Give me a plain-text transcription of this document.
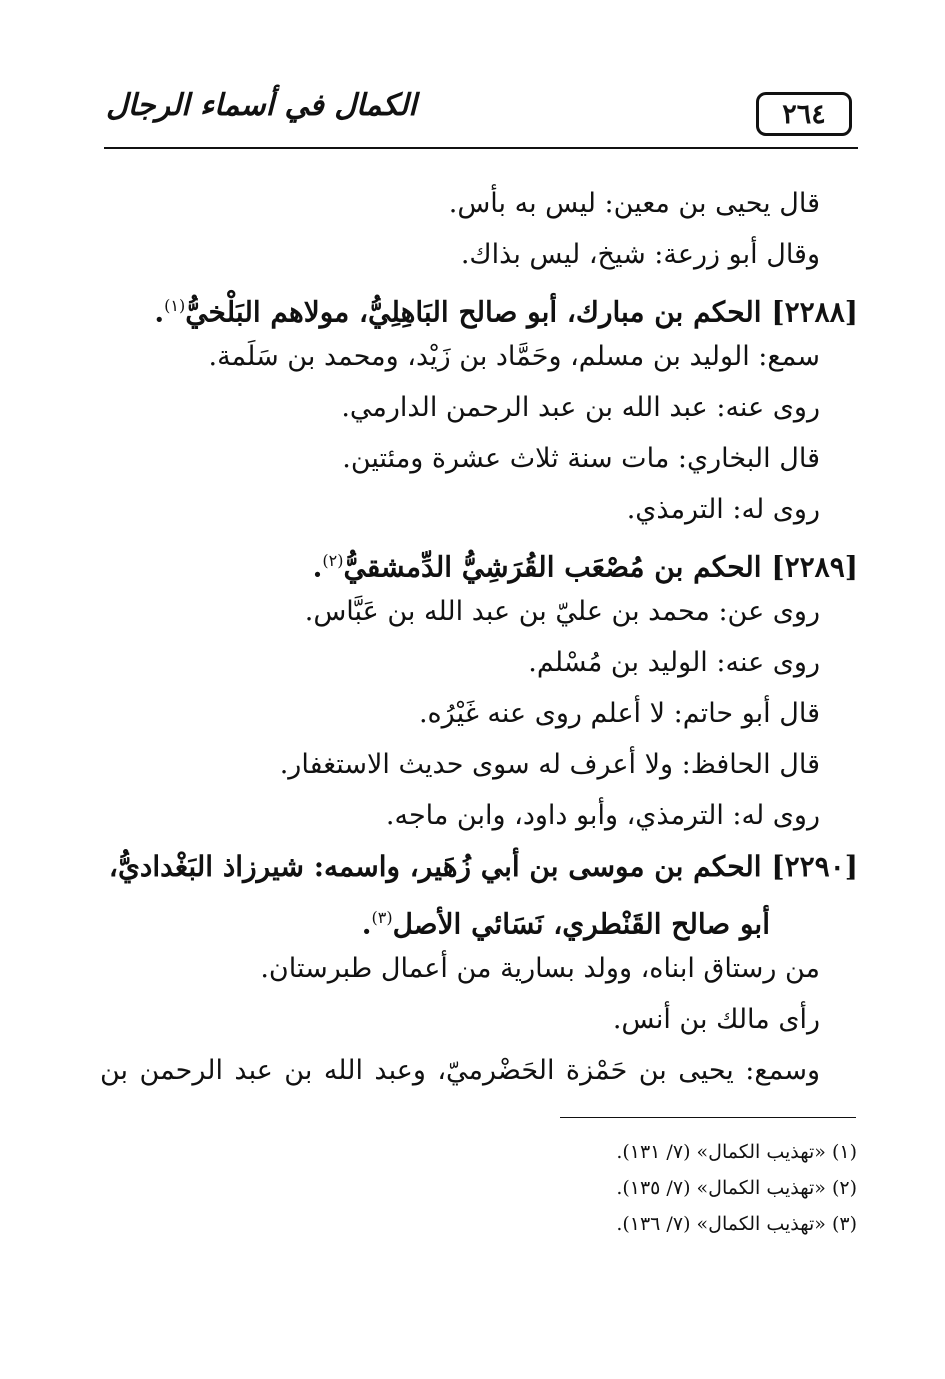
الكمال في أسماء الرجال	٢٦٤
قال يحيى بن معين: ليس به بأس.
وقال أبو زرعة: شيخ، ليس بذاك.
[٢٢٨٨] الحكم بن مبارك، أبو صالح البَاهِلِيُّ، مولاهم البَلْخيُّ$^{(١)}$.
سمع: الوليد بن مسلم، وحَمَّاد بن زَيْد، ومحمد بن سَلَمة.
روى عنه: عبد الله بن عبد الرحمن الدارمي.
قال البخاري: مات سنة ثلاث عشرة ومئتين.
روى له: الترمذي.
[٢٢٨٩] الحكم بن مُصْعَب القُرَشِيُّ الدِّمشقيُّ$^{(٢)}$.
روى عن: محمد بن عليّ بن عبد الله بن عَبَّاس.
روى عنه: الوليد بن مُسْلم.
قال أبو حاتم: لا أعلم روى عنه غَيْرُه.
قال الحافظ: ولا أعرف له سوى حديث الاستغفار.
روى له: الترمذي، وأبو داود، وابن ماجه.
[٢٢٩٠] الحكم بن موسى بن أبي زُهَير، واسمه: شيرزاذ البَغْداديُّ،
أبو صالح القَنْطري، نَسَائي الأصل$^{(٣)}$.
من رستاق ابناه، وولد بسارية من أعمال طبرستان.
رأى مالك بن أنس.
وسمع: يحيى بن حَمْزة الحَضْرميّ، وعبد الله بن عبد الرحمن بن
(١) «تهذيب الكمال» (٧/ ١٣١).
(٢) «تهذيب الكمال» (٧/ ١٣٥).
(٣) «تهذيب الكمال» (٧/ ١٣٦).
